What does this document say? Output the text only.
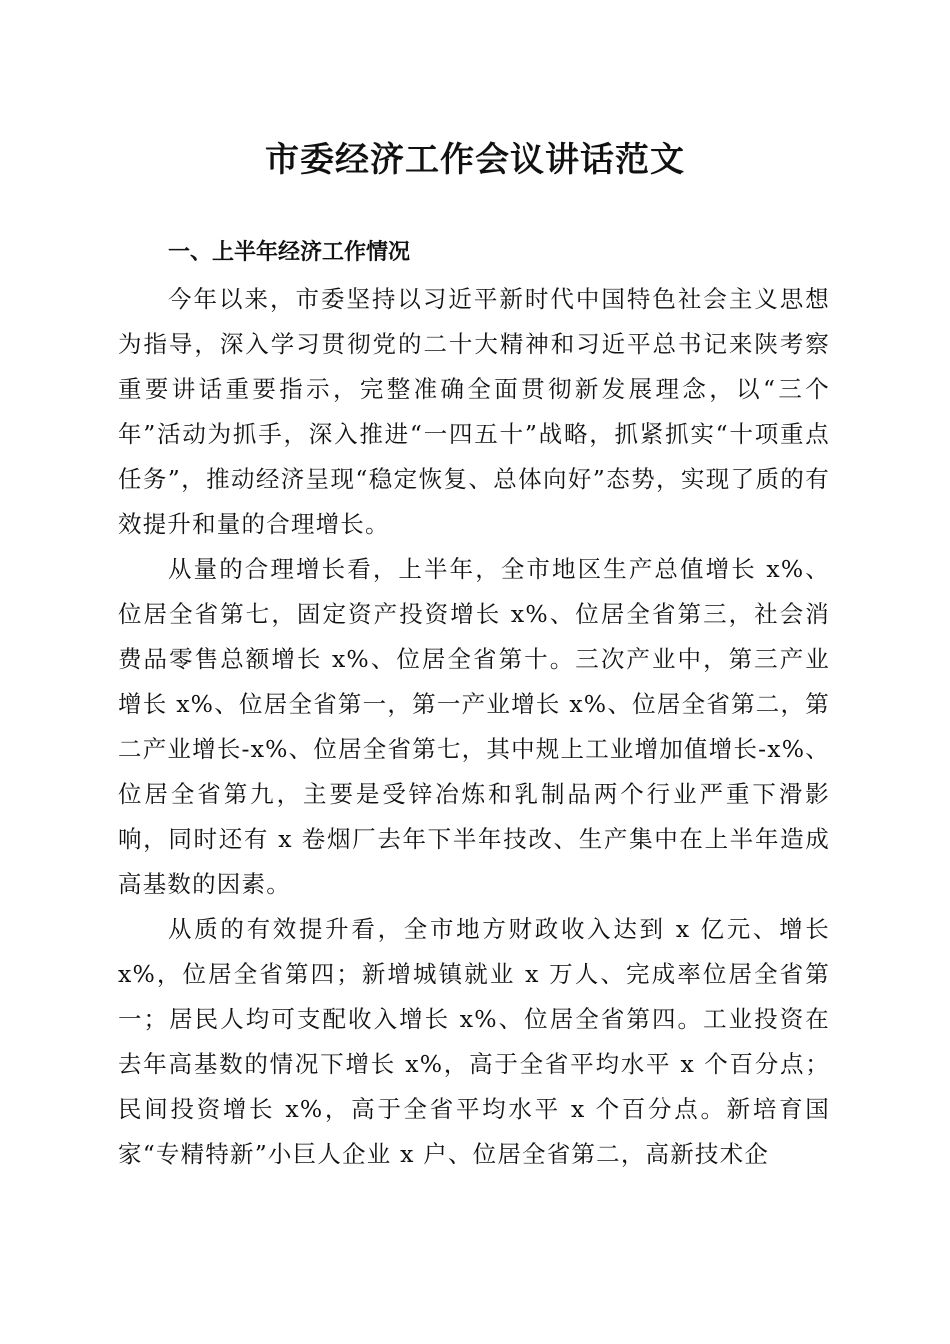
市委经济工作会议讲话范文
一、上半年经济工作情况

今年以来，市委坚持以习近平新时代中国特色社会主义思想为指导，深入学习贯彻党的二十大精神和习近平总书记来陕考察重要讲话重要指示，完整准确全面贯彻新发展理念，以“三个年”活动为抓手，深入推进“一四五十”战略，抓紧抓实“十项重点任务”，推动经济呈现“稳定恢复、总体向好”态势，实现了质的有效提升和量的合理增长。

从量的合理增长看，上半年，全市地区生产总值增长 x%、位居全省第七，固定资产投资增长 x%、位居全省第三，社会消费品零售总额增长 x%、位居全省第十。三次产业中，第三产业增长 x%、位居全省第一，第一产业增长 x%、位居全省第二，第二产业增长-x%、位居全省第七，其中规上工业增加值增长-x%、位居全省第九，主要是受锌冶炼和乳制品两个行业严重下滑影响，同时还有 x 卷烟厂去年下半年技改、生产集中在上半年造成高基数的因素。

从质的有效提升看，全市地方财政收入达到 x 亿元、增长 x%，位居全省第四；新增城镇就业 x 万人、完成率位居全省第一；居民人均可支配收入增长 x%、位居全省第四。工业投资在去年高基数的情况下增长 x%，高于全省平均水平 x 个百分点；民间投资增长 x%，高于全省平均水平 x 个百分点。新培育国家“专精特新”小巨人企业 x 户、位居全省第二，高新技术企
